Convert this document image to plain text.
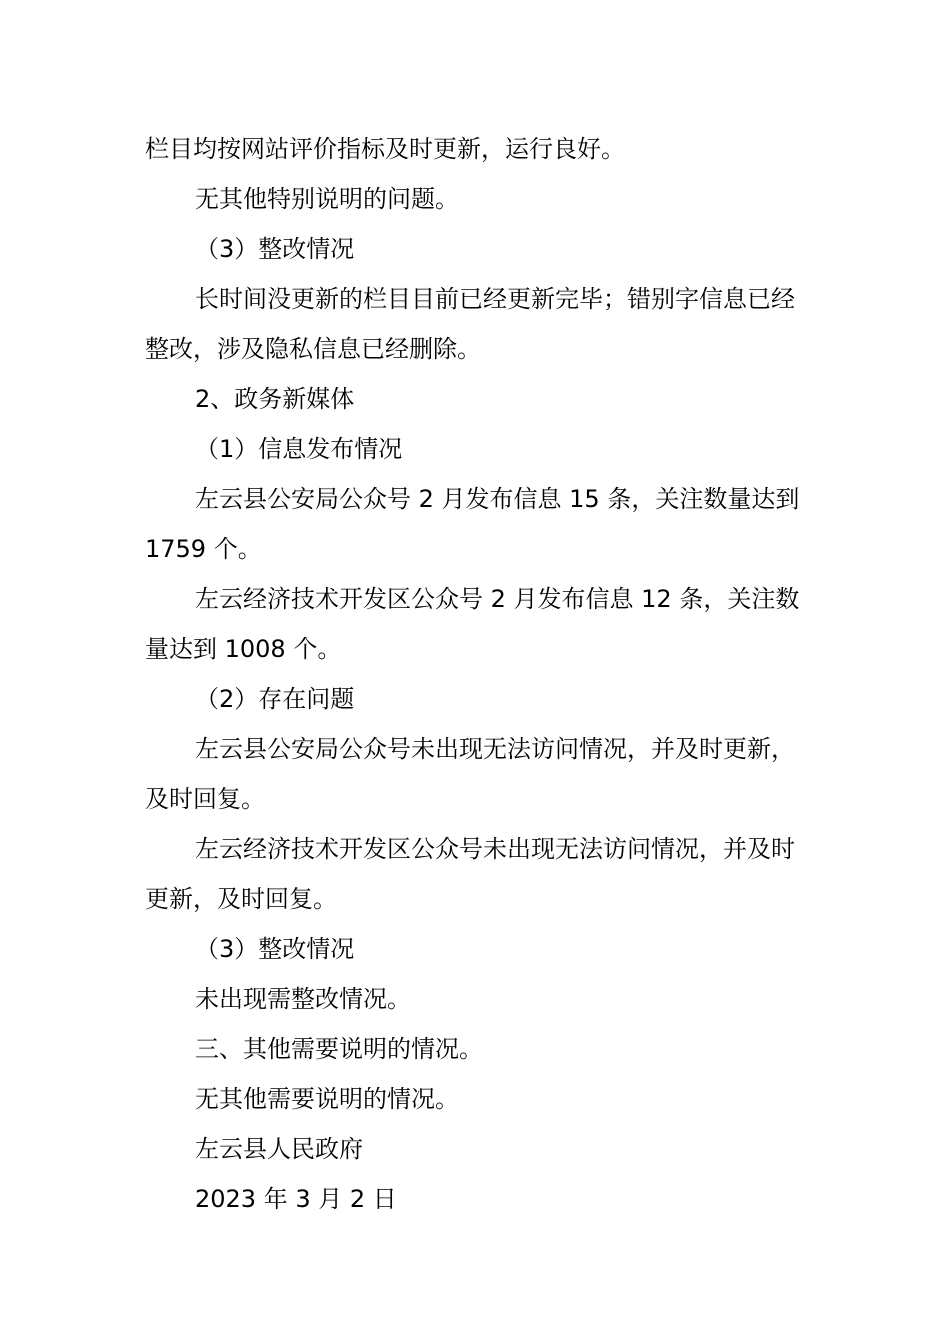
栏目均按网站评价指标及时更新，运行良好。

无其他特别说明的问题。

（3）整改情况

长时间没更新的栏目目前已经更新完毕；错别字信息已经整改，涉及隐私信息已经删除。

2、政务新媒体

（1）信息发布情况

左云县公安局公众号 2 月发布信息 15 条，关注数量达到 1759 个。

左云经济技术开发区公众号 2 月发布信息 12 条，关注数量达到 1008 个。

（2）存在问题

左云县公安局公众号未出现无法访问情况，并及时更新，及时回复。

左云经济技术开发区公众号未出现无法访问情况，并及时更新，及时回复。

（3）整改情况

未出现需整改情况。

三、其他需要说明的情况。

无其他需要说明的情况。

左云县人民政府

2023 年 3 月 2 日
